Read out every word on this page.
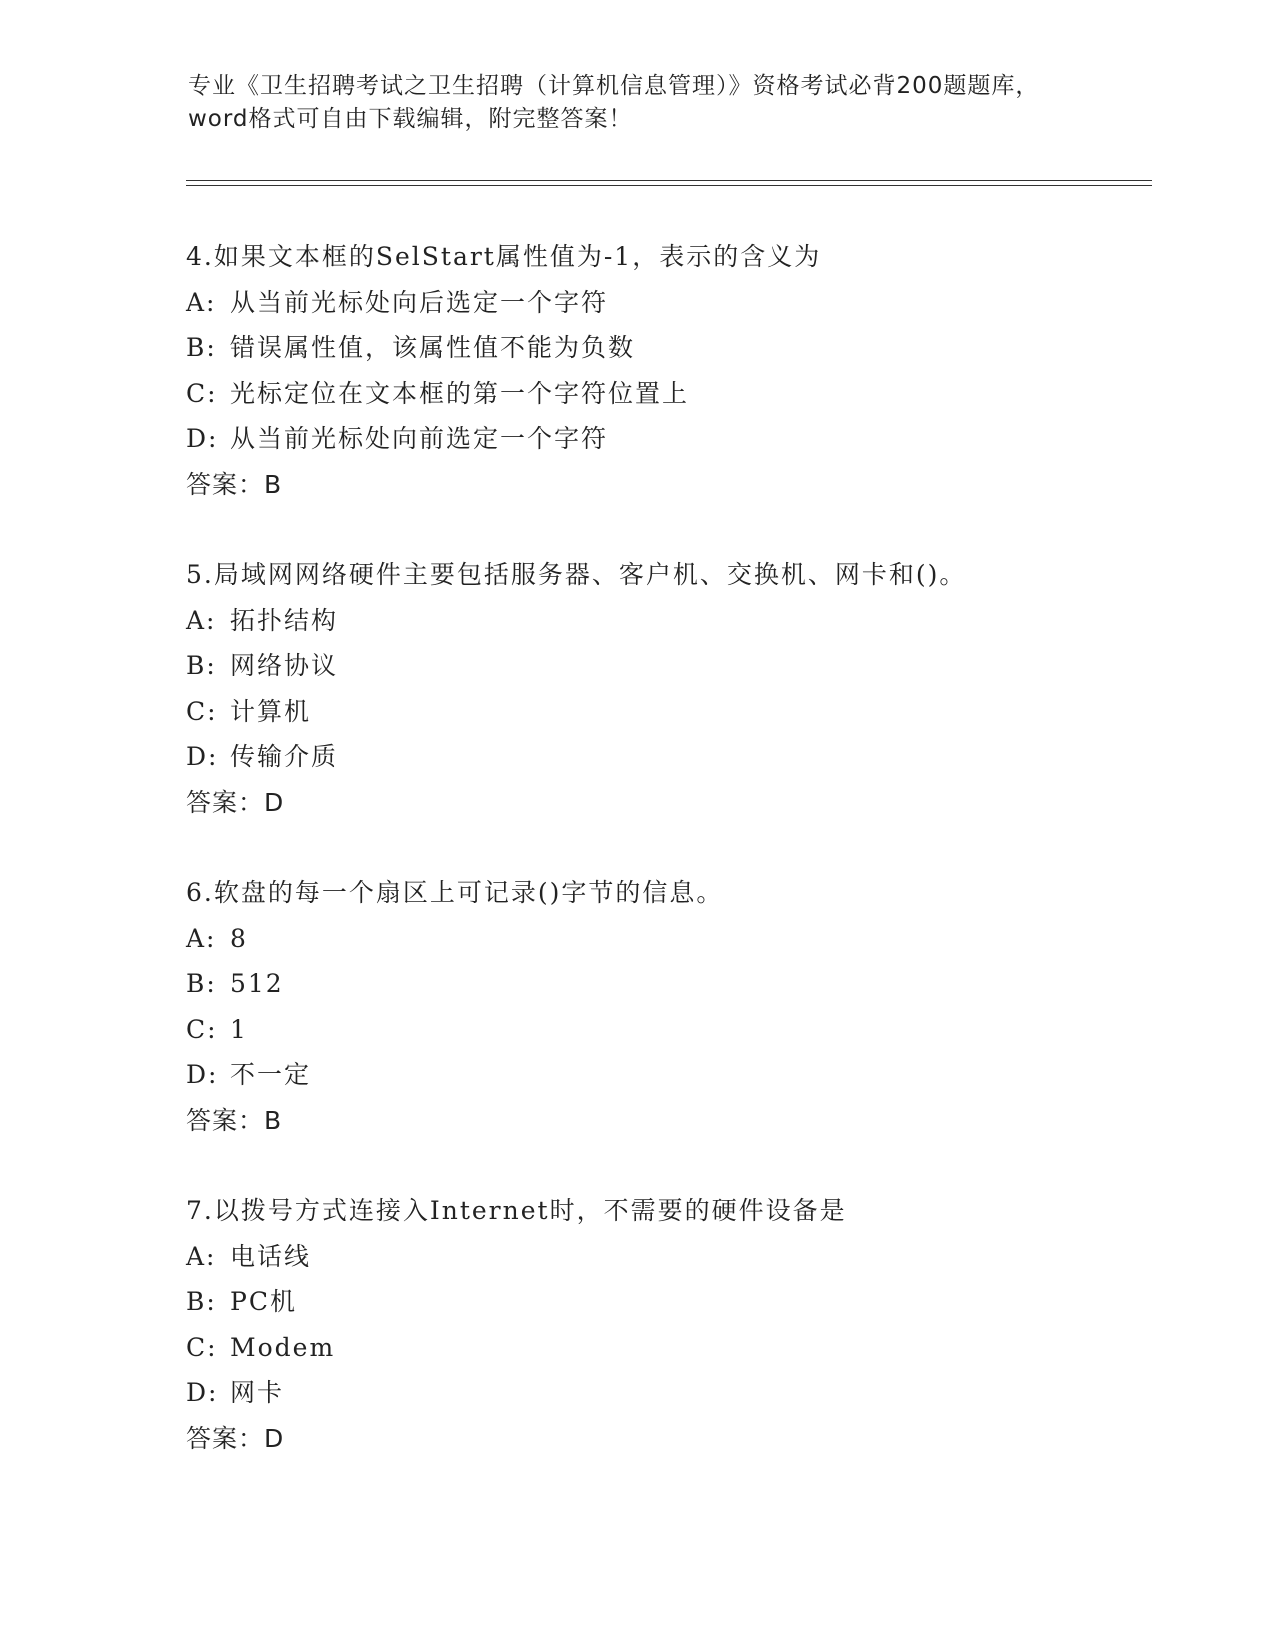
专业《卫生招聘考试之卫生招聘（计算机信息管理）》资格考试必背200题题库，

word格式可自由下载编辑，附完整答案！

4.如果文本框的SelStart属性值为-1，表示的含义为
A: 从当前光标处向后选定一个字符
B: 错误属性值，该属性值不能为负数
C: 光标定位在文本框的第一个字符位置上
D: 从当前光标处向前选定一个字符
答案：B
5.局域网网络硬件主要包括服务器、客户机、交换机、网卡和()。
A: 拓扑结构
B: 网络协议
C: 计算机
D: 传输介质
答案：D
6.软盘的每一个扇区上可记录()字节的信息。
A: 8
B: 512
C: 1
D: 不一定
答案：B
7.以拨号方式连接入Internet时，不需要的硬件设备是
A: 电话线
B: PC机
C: Modem
D: 网卡
答案：D
